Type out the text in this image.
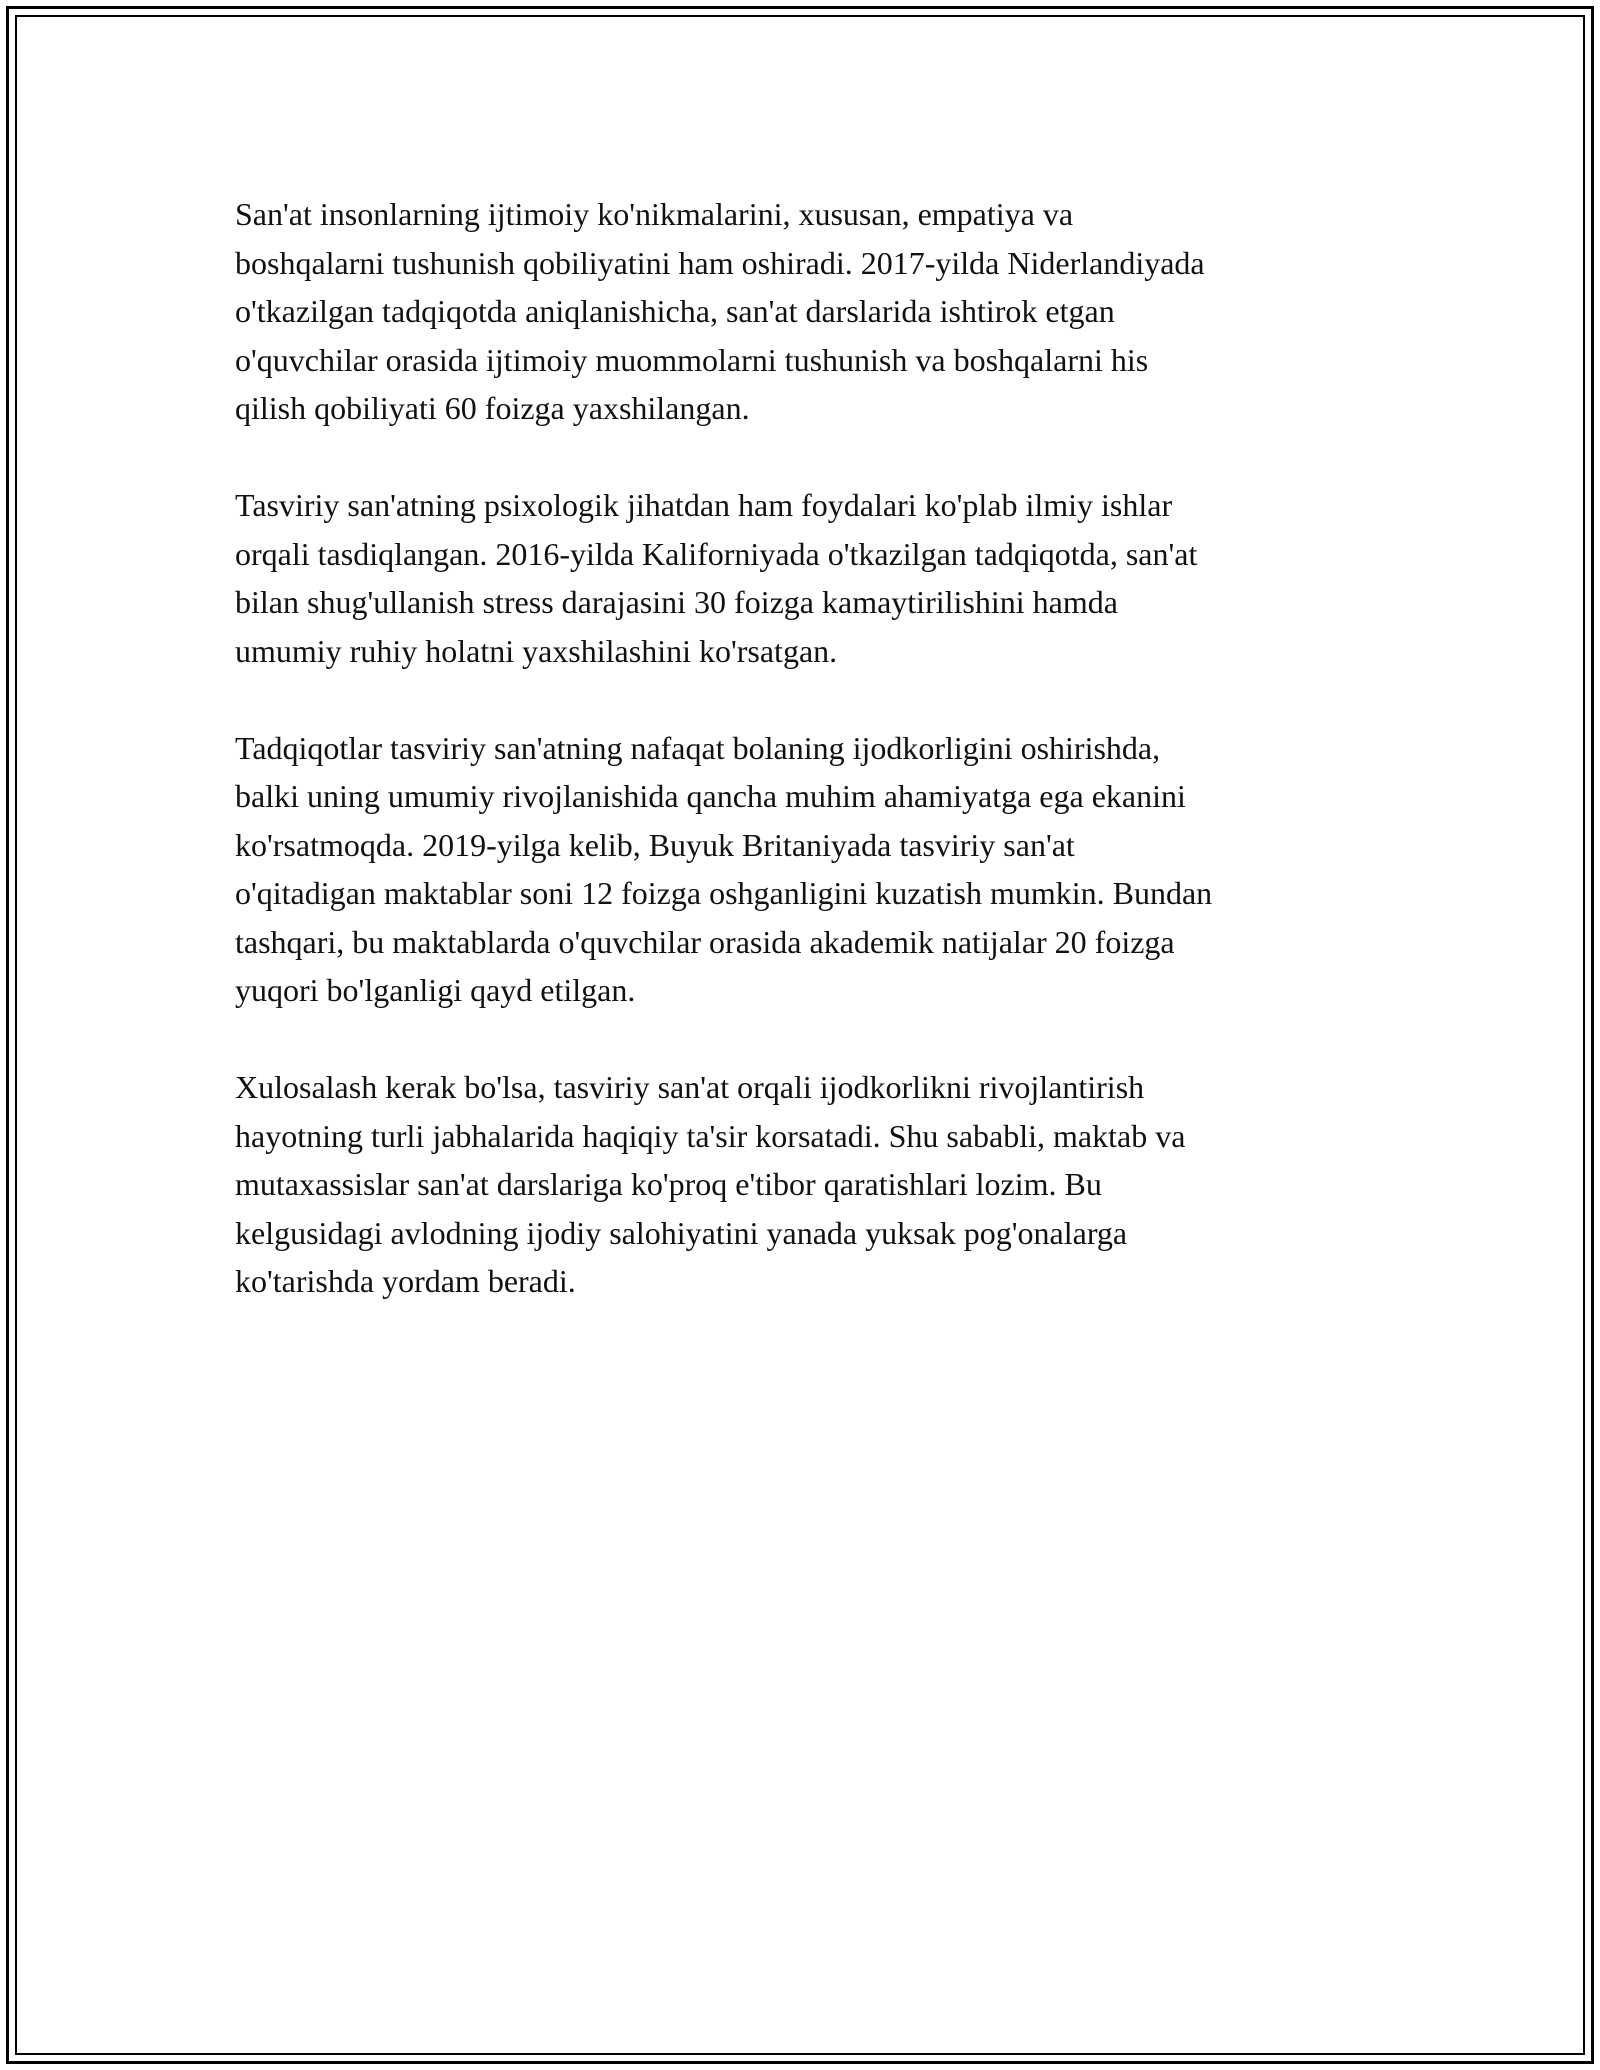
San'at insonlarning ijtimoiy ko'nikmalarini, xususan, empatiya va
boshqalarni tushunish qobiliyatini ham oshiradi. 2017-yilda Niderlandiyada
o'tkazilgan tadqiqotda aniqlanishicha, san'at darslarida ishtirok etgan
o'quvchilar orasida ijtimoiy muommolarni tushunish va boshqalarni his
qilish qobiliyati 60 foizga yaxshilangan.

Tasviriy san'atning psixologik jihatdan ham foydalari ko'plab ilmiy ishlar
orqali tasdiqlangan. 2016-yilda Kaliforniyada o'tkazilgan tadqiqotda, san'at
bilan shug'ullanish stress darajasini 30 foizga kamaytirilishini hamda
umumiy ruhiy holatni yaxshilashini ko'rsatgan.

Tadqiqotlar tasviriy san'atning nafaqat bolaning ijodkorligini oshirishda,
balki uning umumiy rivojlanishida qancha muhim ahamiyatga ega ekanini
ko'rsatmoqda. 2019-yilga kelib, Buyuk Britaniyada tasviriy san'at
o'qitadigan maktablar soni 12 foizga oshganligini kuzatish mumkin. Bundan
tashqari, bu maktablarda o'quvchilar orasida akademik natijalar 20 foizga
yuqori bo'lganligi qayd etilgan.

Xulosalash kerak bo'lsa, tasviriy san'at orqali ijodkorlikni rivojlantirish
hayotning turli jabhalarida haqiqiy ta'sir korsatadi. Shu sababli, maktab va
mutaxassislar san'at darslariga ko'proq e'tibor qaratishlari lozim. Bu
kelgusidagi avlodning ijodiy salohiyatini yanada yuksak pog'onalarga
ko'tarishda yordam beradi.
